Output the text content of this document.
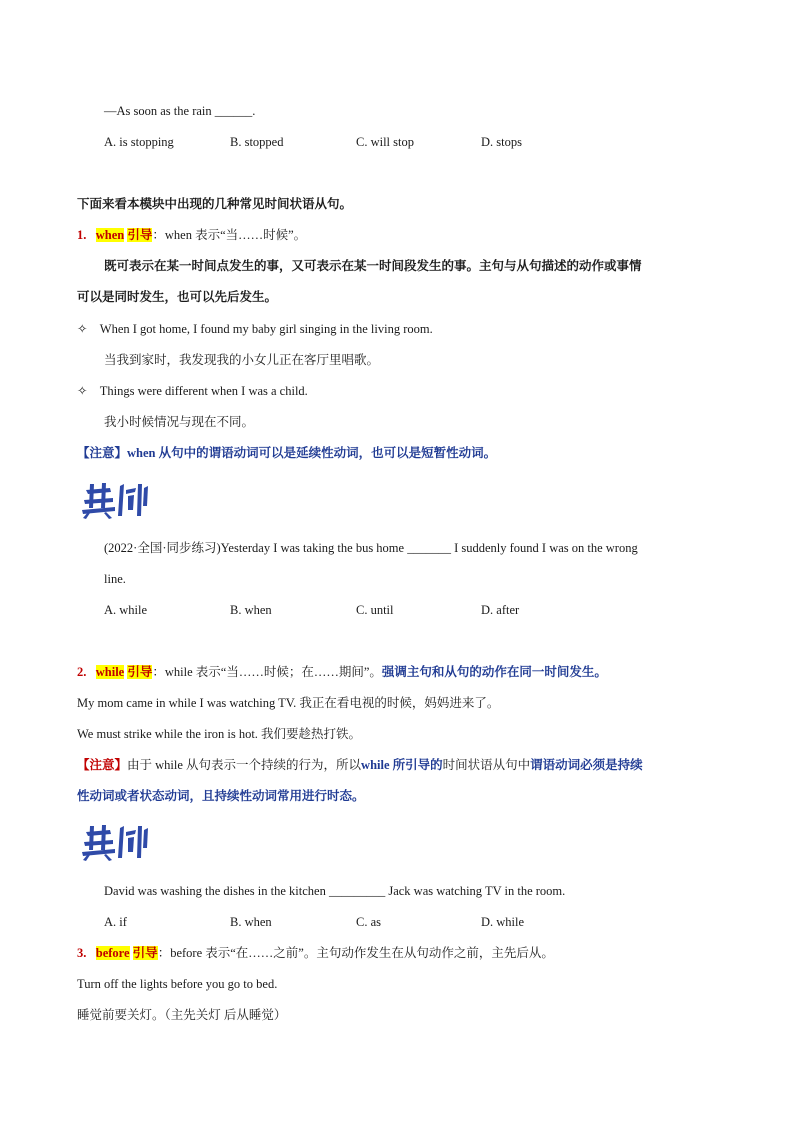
—As soon as the rain ______.
A. is stopping	B. stopped	C. will stop	D. stops
下面来看本模块中出现的几种常见时间状语从句。
1. when 引导：when 表示“当……时候”。
既可表示在某一时间点发生的事，又可表示在某一时间段发生的事。主句与从句描述的动作或事情
可以是同时发生，也可以先后发生。
✧ When I got home, I found my baby girl singing in the living room.
当我到家时，我发现我的小女儿正在客厅里唱歌。
✧ Things were different when I was a child.
我小时候情况与现在不同。
【注意】when 从句中的谓语动词可以是延续性动词，也可以是短暂性动词。
(2022·全国·同步练习)Yesterday I was taking the bus home _______ I suddenly found I was on the wrong
line.
A. while	B. when	C. until	D. after
2. while 引导：while 表示“当……时候；在……期间”。强调主句和从句的动作在同一时间发生。
My mom came in while I was watching TV. 我正在看电视的时候，妈妈进来了。
We must strike while the iron is hot. 我们要趁热打铁。
【注意】由于 while 从句表示一个持续的行为，所以while 所引导的时间状语从句中谓语动词必须是持续
性动词或者状态动词，且持续性动词常用进行时态。
David was washing the dishes in the kitchen _________ Jack was watching TV in the room.
A. if	B. when	C. as	D. while
3. before 引导：before 表示“在……之前”。主句动作发生在从句动作之前，主先后从。
Turn off the lights before you go to bed.
睡觉前要关灯。（主先关灯 后从睡觉）
